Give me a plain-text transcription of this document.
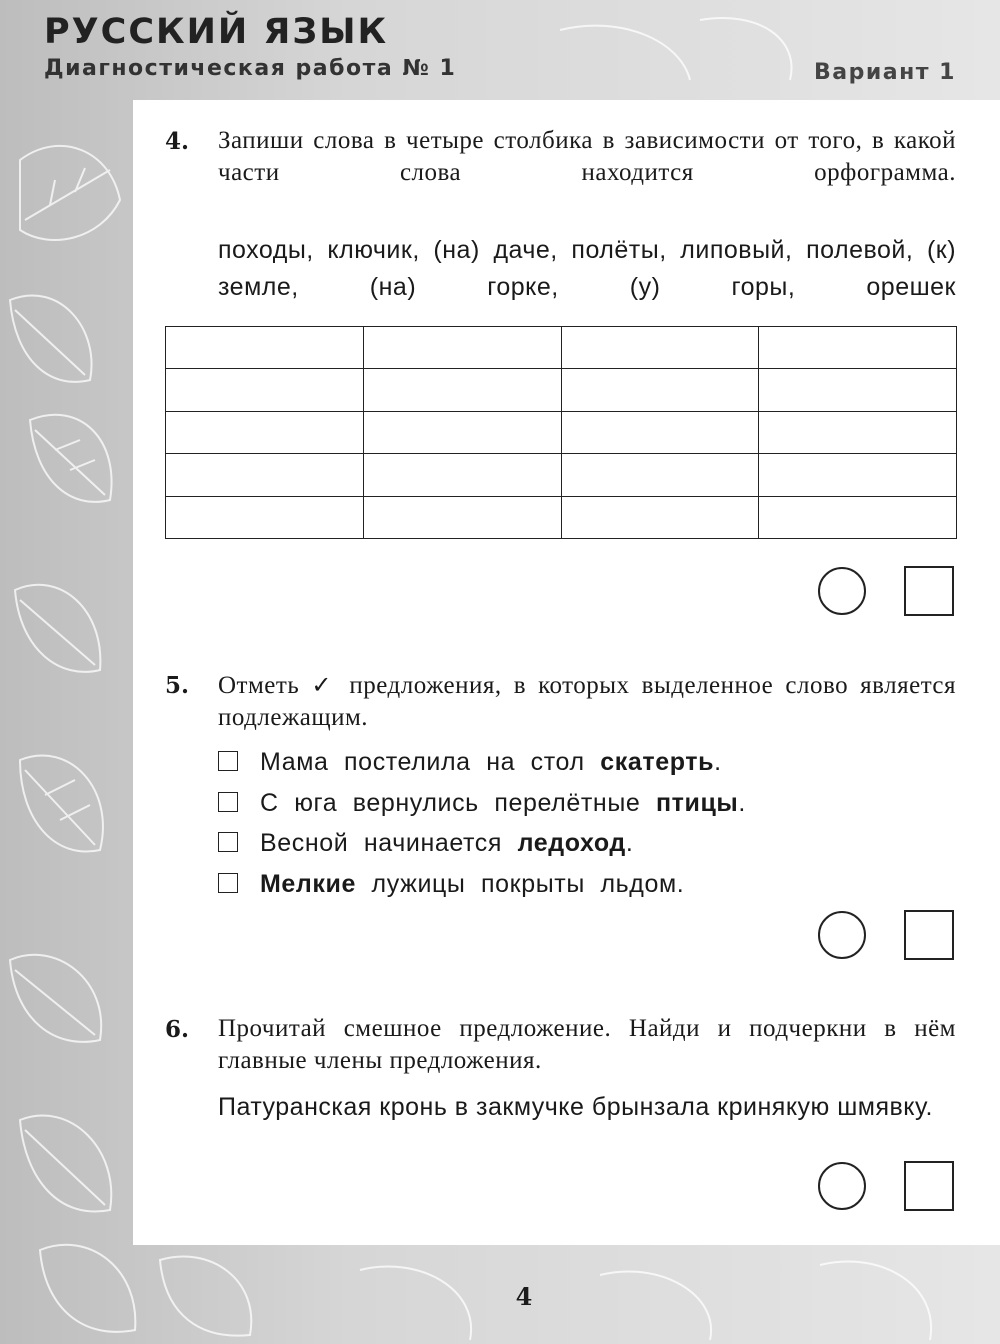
РУССКИЙ ЯЗЫК
Диагностическая работа № 1	Вариант 1
4. Запиши слова в четыре столбика в зависимости от того, в какой части слова находится орфограмма.
походы, ключик, (на) даче, полёты, липовый, полевой, (к) земле,	(на)	горке,	(у)	горы,	орешек

5. Отметь ✓ предложения, в которых выделенное слово является подлежащим.
Мама постелила на стол скатерть.
С юга вернулись перелётные птицы.
Весной начинается ледоход.
Мелкие лужицы покрыты льдом.
6. Прочитай смешное предложение. Найди и подчеркни в нём главные члены предложения.
Патуранская кронь в закмучке брынзала кринякую шмявку.
4
